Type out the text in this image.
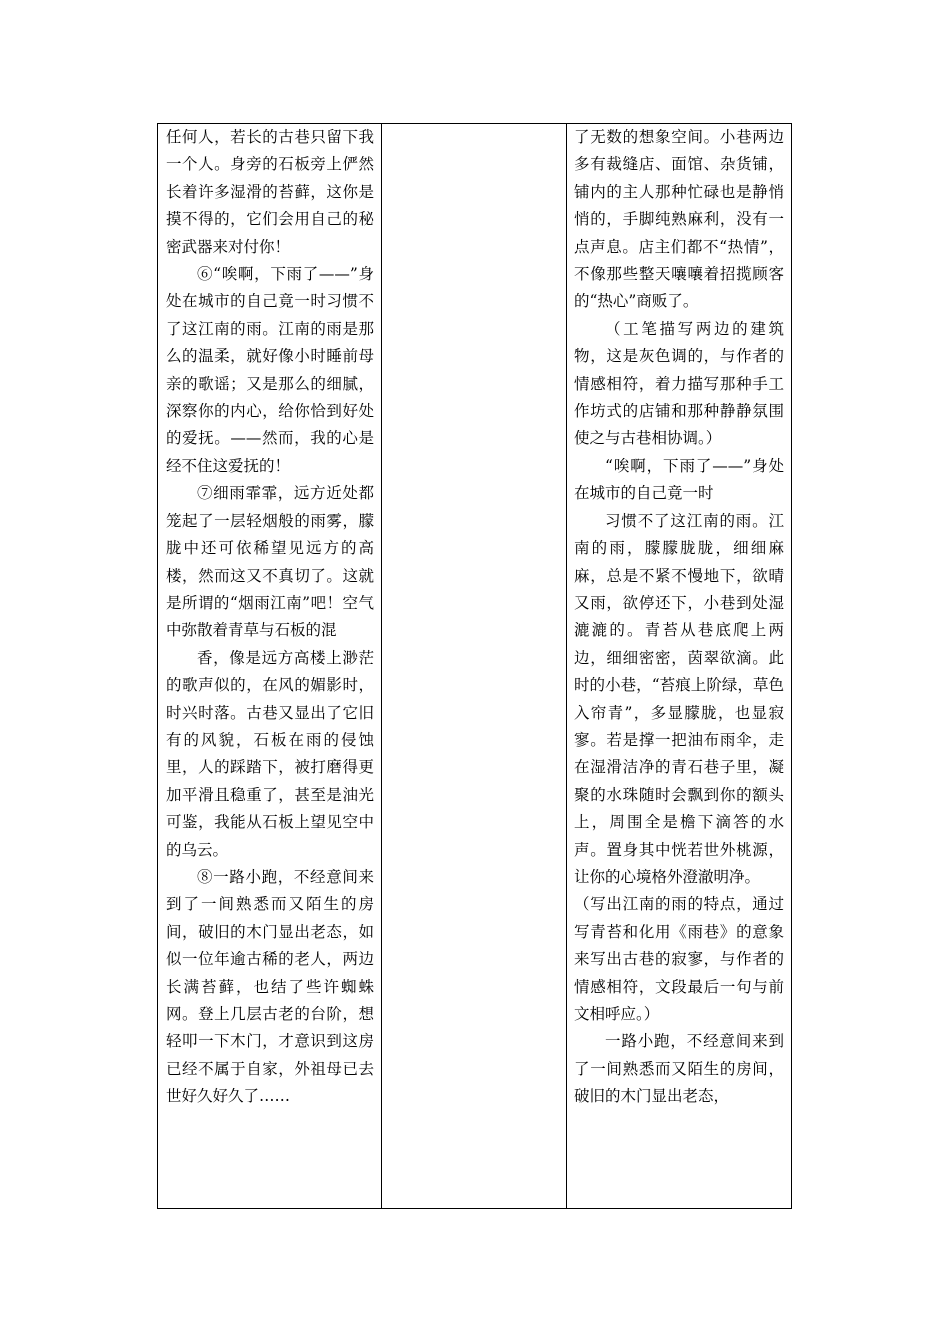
任何人，若长的古巷只留下我一个人。身旁的石板旁上俨然长着许多湿滑的苔藓，这你是摸不得的，它们会用自己的秘密武器来对付你！

⑥“唉啊，下雨了——”身处在城市的自己竟一时习惯不了这江南的雨。江南的雨是那么的温柔，就好像小时睡前母亲的歌谣；又是那么的细腻，深察你的内心，给你恰到好处的爱抚。——然而，我的心是经不住这爱抚的！

⑦细雨霏霏，远方近处都笼起了一层轻烟般的雨雾，朦胧中还可依稀望见远方的高楼，然而这又不真切了。这就是所谓的“烟雨江南”吧！空气中弥散着青草与石板的混

香，像是远方高楼上渺茫的歌声似的，在风的媚影时，时兴时落。古巷又显出了它旧有的风貌，石板在雨的侵蚀里，人的踩踏下，被打磨得更加平滑且稳重了，甚至是油光可鉴，我能从石板上望见空中的乌云。

⑧一路小跑，不经意间来到了一间熟悉而又陌生的房间，破旧的木门显出老态，如似一位年逾古稀的老人，两边长满苔藓，也结了些许蜘蛛网。登上几层古老的台阶，想轻叩一下木门，才意识到这房已经不属于自家，外祖母已去世好久好久了……

了无数的想象空间。小巷两边多有裁缝店、面馆、杂货铺，铺内的主人那种忙碌也是静悄悄的，手脚纯熟麻利，没有一点声息。店主们都不“热情”，不像那些整天嚷嚷着招揽顾客的“热心”商贩了。

（工笔描写两边的建筑物，这是灰色调的，与作者的情感相符，着力描写那种手工作坊式的店铺和那种静静氛围使之与古巷相协调。）

“唉啊，下雨了——”身处在城市的自己竟一时

习惯不了这江南的雨。江南的雨，朦朦胧胧，细细麻麻，总是不紧不慢地下，欲晴又雨，欲停还下，小巷到处湿漉漉的。青苔从巷底爬上两边，细细密密，茵翠欲滴。此时的小巷，“苔痕上阶绿，草色入帘青”，多显朦胧，也显寂寥。若是撑一把油布雨伞，走在湿滑洁净的青石巷子里，凝聚的水珠随时会飘到你的额头上，周围全是檐下滴答的水声。置身其中恍若世外桃源，让你的心境格外澄澈明净。

（写出江南的雨的特点，通过写青苔和化用《雨巷》的意象来写出古巷的寂寥，与作者的情感相符，文段最后一句与前文相呼应。）

一路小跑，不经意间来到了一间熟悉而又陌生的房间，破旧的木门显出老态，
